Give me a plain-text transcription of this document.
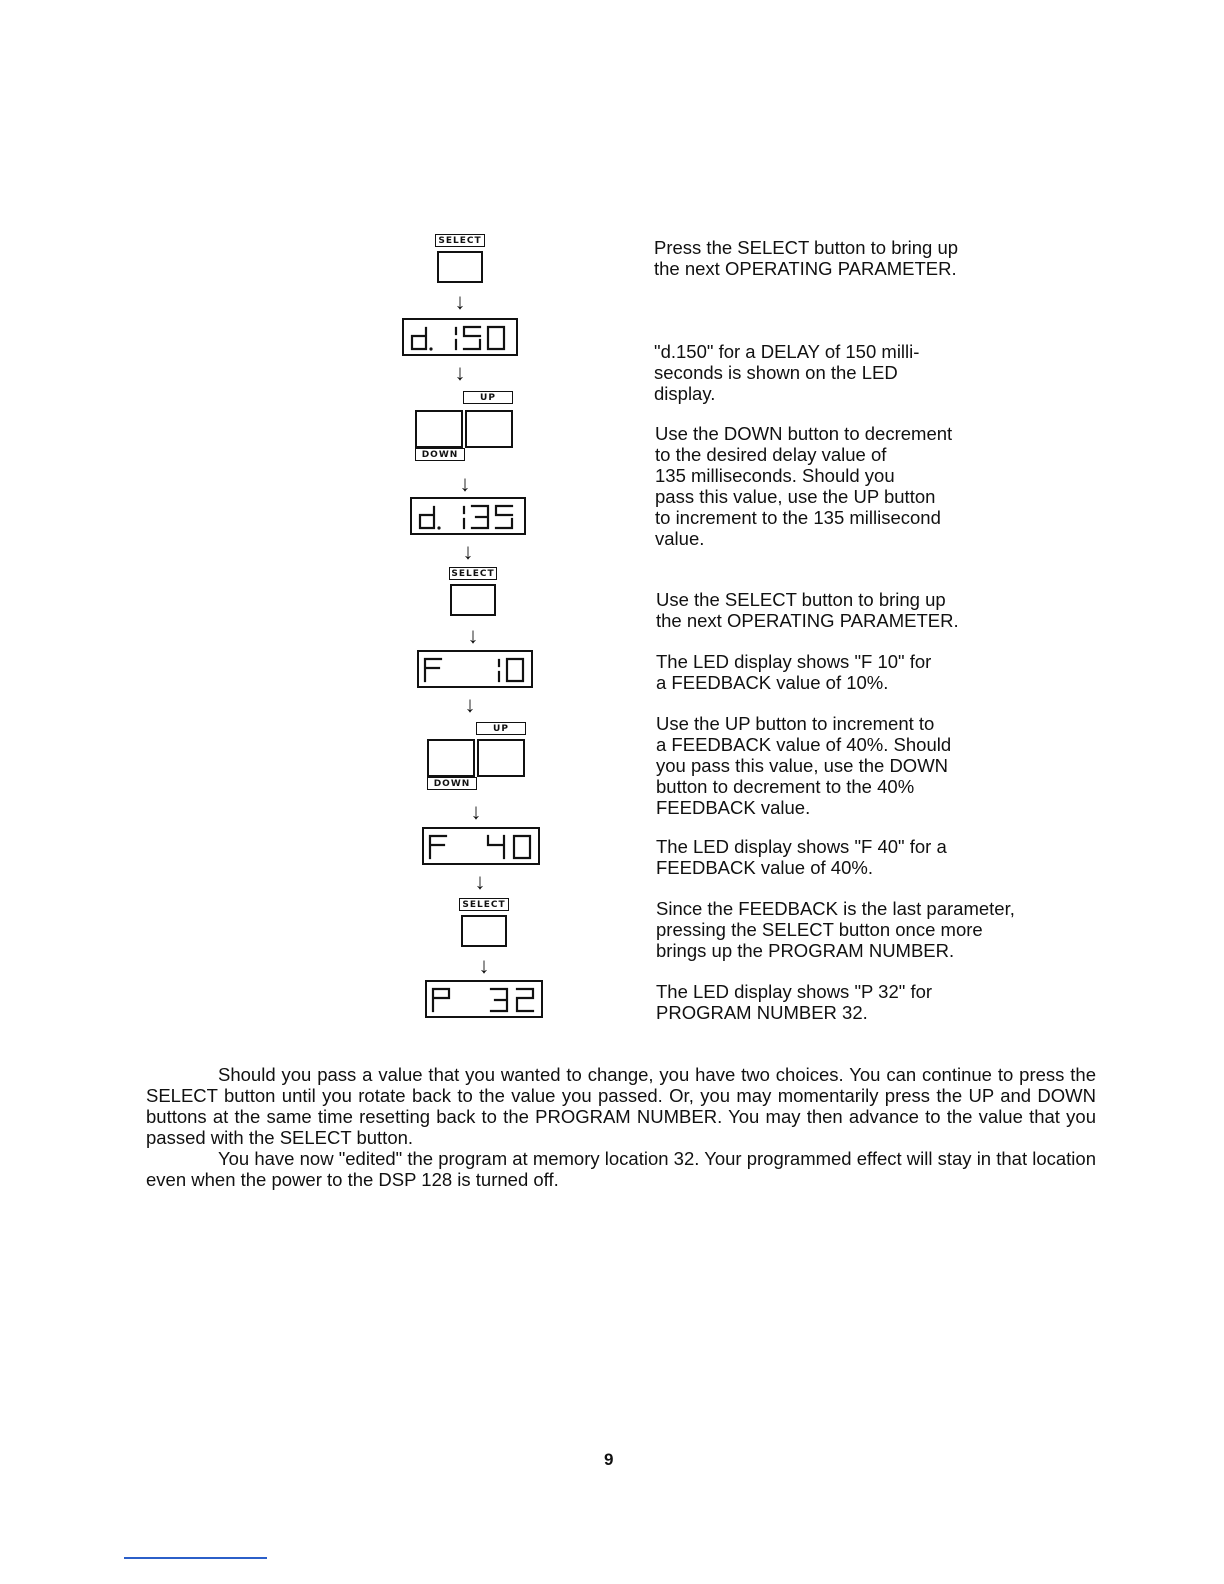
SELECT
↓
↓
UP
DOWN
↓
↓
SELECT
↓
↓
UP
DOWN
↓
↓
SELECT
↓
Press the SELECT button to bring up
the next OPERATING PARAMETER.
"d.150" for a DELAY of 150 milli-
seconds is shown on the LED
display.
Use the DOWN button to decrement
to the desired delay value of
135 milliseconds. Should you
pass this value, use the UP button
to increment to the 135 millisecond
value.
Use the SELECT button to bring up
the next OPERATING PARAMETER.
The LED display shows "F 10" for
a FEEDBACK value of 10%.
Use the UP button to increment to
a FEEDBACK value of 40%. Should
you pass this value, use the DOWN
button to decrement to the 40%
FEEDBACK value.
The LED display shows "F 40" for a
FEEDBACK value of 40%.
Since the FEEDBACK is the last parameter,
pressing the SELECT button once more
brings up the PROGRAM NUMBER.
The LED display shows "P 32" for
PROGRAM NUMBER 32.
Should you pass a value that you wanted to change, you have two choices. You can continue to press the SELECT button until you rotate back to the value you passed. Or, you may momentarily press the UP and DOWN buttons at the same time resetting back to the PROGRAM NUMBER. You may then advance to the value that you passed with the SELECT button.
You have now "edited" the program at memory location 32. Your programmed effect will stay in that location even when the power to the DSP 128 is turned off.
9
